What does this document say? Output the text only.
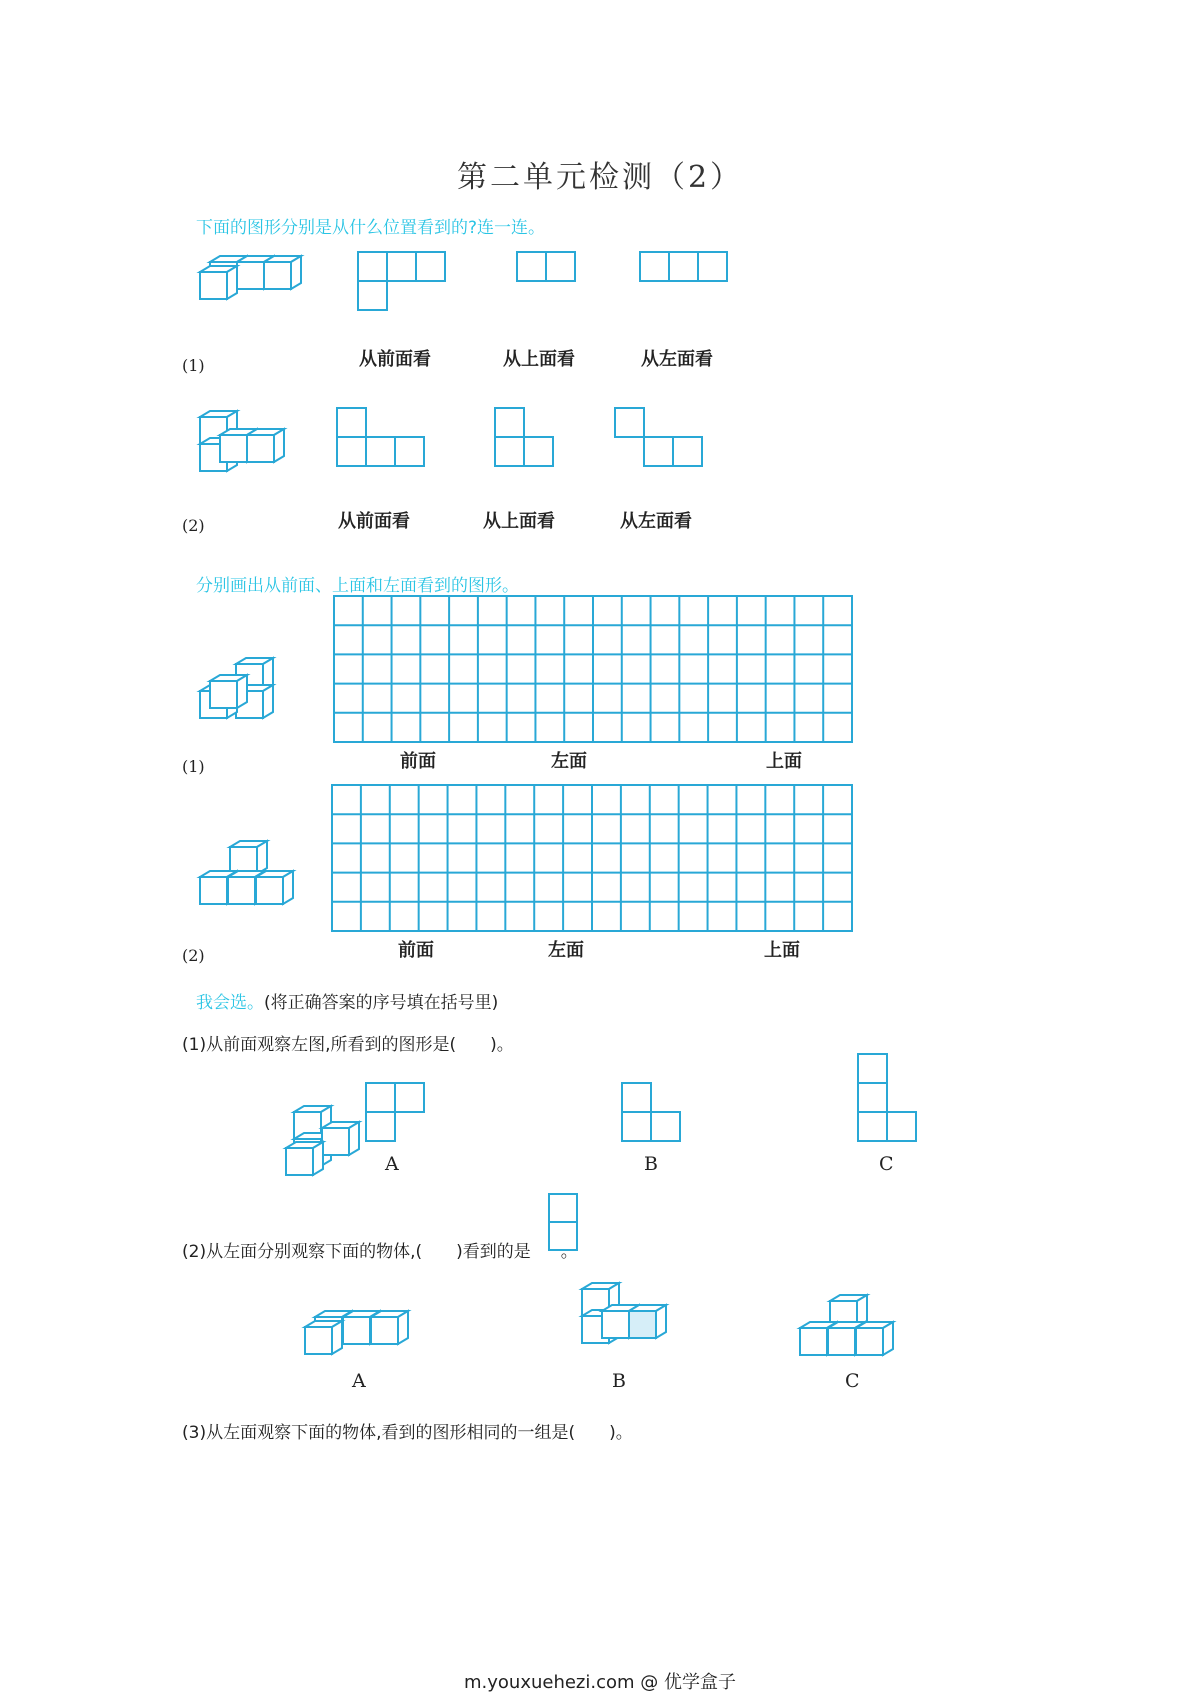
第二单元检测（2）
下面的图形分别是从什么位置看到的?连一连。
(1)	从前面看	从上面看	从左面看
(2)	从前面看	从上面看	从左面看
分别画出从前面、上面和左面看到的图形。
(1)	前面	左面	上面
(2)	前面	左面	上面
我会选。(将正确答案的序号填在括号里)
(1)从前面观察左图,所看到的图形是(　　)。
A	B	C
(2)从左面分别观察下面的物体,(　　)看到的是 。
A	B	C
(3)从左面观察下面的物体,看到的图形相同的一组是(　　)。
m.youxuehezi.com @ 优学盒子
